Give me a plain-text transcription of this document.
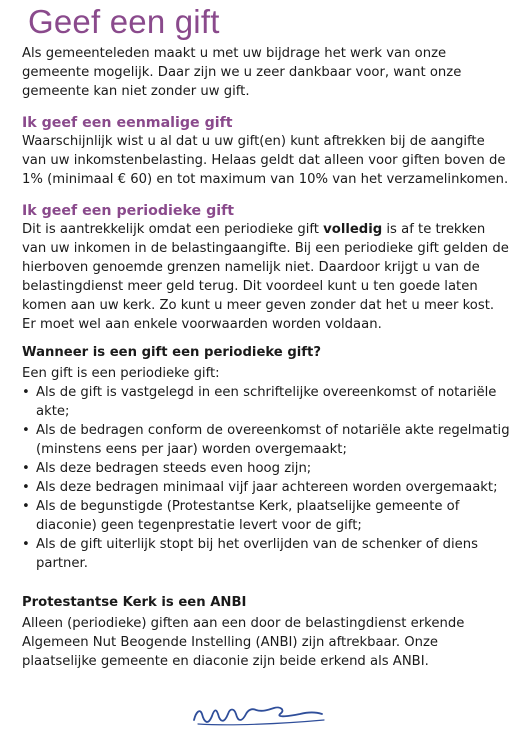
Geef een gift

Als gemeenteleden maakt u met uw bijdrage het werk van onze gemeente mogelijk. Daar zijn we u zeer dankbaar voor, want onze gemeente kan niet zonder uw gift.

Ik geef een eenmalige gift

Waarschijnlijk wist u al dat u uw gift(en) kunt aftrekken bij de aangifte van uw inkomstenbelasting. Helaas geldt dat alleen voor giften boven de 1% (minimaal € 60) en tot maximum van 10% van het verzamelinkomen.

Ik geef een periodieke gift

Dit is aantrekkelijk omdat een periodieke gift volledig is af te trekken van uw inkomen in de belastingaangifte. Bij een periodieke gift gelden de hierboven genoemde grenzen namelijk niet. Daardoor krijgt u van de belastingdienst meer geld terug. Dit voordeel kunt u ten goede laten komen aan uw kerk. Zo kunt u meer geven zonder dat het u meer kost. Er moet wel aan enkele voorwaarden worden voldaan.

Wanneer is een gift een periodieke gift?

Een gift is een periodieke gift:

• Als de gift is vastgelegd in een schriftelijke overeenkomst of notariële akte;
• Als de bedragen conform de overeenkomst of notariële akte regelmatig (minstens eens per jaar) worden overgemaakt;
• Als deze bedragen steeds even hoog zijn;
• Als deze bedragen minimaal vijf jaar achtereen worden overgemaakt;
• Als de begunstigde (Protestantse Kerk, plaatselijke gemeente of diaconie) geen tegenprestatie levert voor de gift;
• Als de gift uiterlijk stopt bij het overlijden van de schenker of diens partner.
Protestantse Kerk is een ANBI

Alleen (periodieke) giften aan een door de belastingdienst erkende Algemeen Nut Beogende Instelling (ANBI) zijn aftrekbaar. Onze plaatselijke gemeente en diaconie zijn beide erkend als ANBI.
